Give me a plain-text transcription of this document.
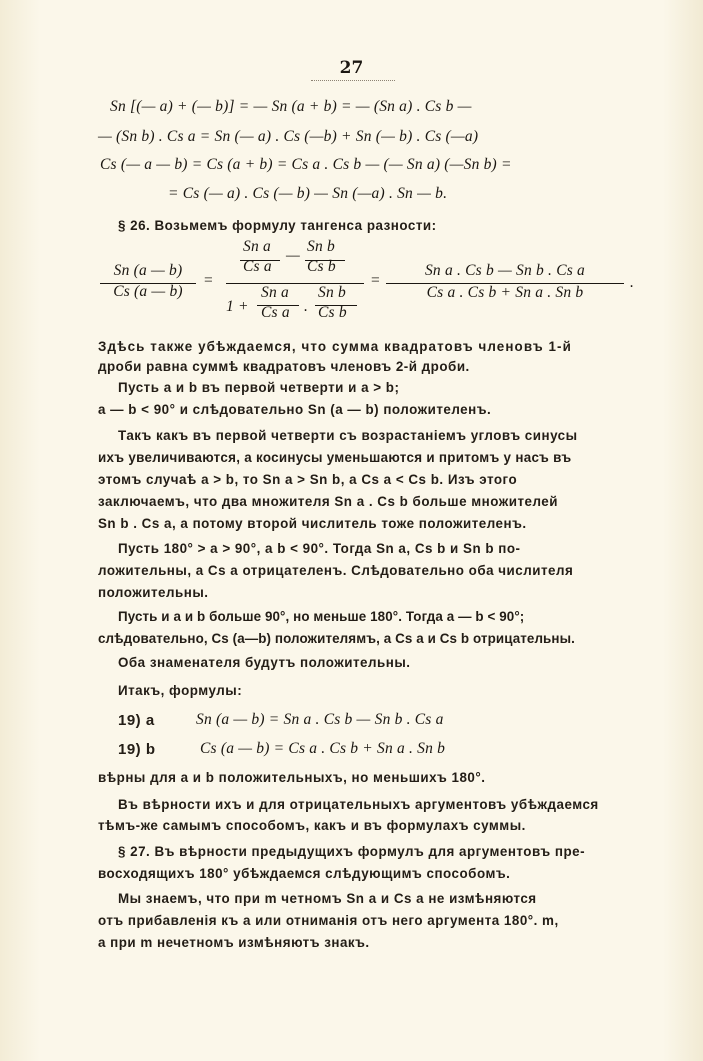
27
Sn [(— a) + (— b)] = — Sn (a + b) = — (Sn a) . Cs b —
— (Sn b) . Cs a = Sn (— a) . Cs (—b) + Sn (— b) . Cs (—a)
Cs (— a — b) = Cs (a + b) = Cs a . Cs b — (— Sn a) (—Sn b) =
= Cs (— a) . Cs (— b) — Sn (—a) . Sn — b.
§ 26. Возьмемъ формулу тангенса разности:
Sn (a — b)
Cs (a — b)
=
Sn a Sn b
—
Cs a Cs b
1 +
Sn a
Cs a .
Sn b
Cs b
=
Sn a . Cs b — Sn b . Cs a
Cs a . Cs b + Sn a . Sn b
.
Здѣсь также убѣждаемся, что сумма квадратовъ членовъ 1-й
дроби равна суммѣ квадратовъ членовъ 2-й дроби.
Пусть a и b въ первой четверти и a > b;
a — b < 90° и слѣдовательно Sn (a — b) положителенъ.
Такъ какъ въ первой четверти съ возрастаніемъ угловъ синусы
ихъ увеличиваются, а косинусы уменьшаются и притомъ у насъ въ
этомъ случаѣ a > b, то Sn a > Sn b, а Cs a < Cs b. Изъ этого
заключаемъ, что два множителя Sn a . Cs b больше множителей
Sn b . Cs a, а потому второй числитель тоже положителенъ.
Пусть 180° > a > 90°, а b < 90°. Тогда Sn a, Cs b и Sn b по-
ложительны, а Cs a отрицателенъ. Слѣдовательно оба числителя
положительны.
Пусть и a и b больше 90°, но меньше 180°. Тогда a — b < 90°;
слѣдовательно, Cs (a—b) положителямъ, а Cs a и Cs b отрицательны.
Оба знаменателя будутъ положительны.
Итакъ, формулы:
19) a	Sn (a — b) = Sn a . Cs b — Sn b . Cs a
19) b	Cs (a — b) = Cs a . Cs b + Sn a . Sn b
вѣрны для a и b положительныхъ, но меньшихъ 180°.
Въ вѣрности ихъ и для отрицательныхъ аргументовъ убѣждаемся
тѣмъ-же самымъ способомъ, какъ и въ формулахъ суммы.
§ 27. Въ вѣрности предыдущихъ формулъ для аргументовъ пре-
восходящихъ 180° убѣждаемся слѣдующимъ способомъ.
Мы знаемъ, что при m четномъ Sn a и Cs a не измѣняются
отъ прибавленія къ a или отниманія отъ него аргумента 180°. m,
а при m нечетномъ измѣняютъ знакъ.
